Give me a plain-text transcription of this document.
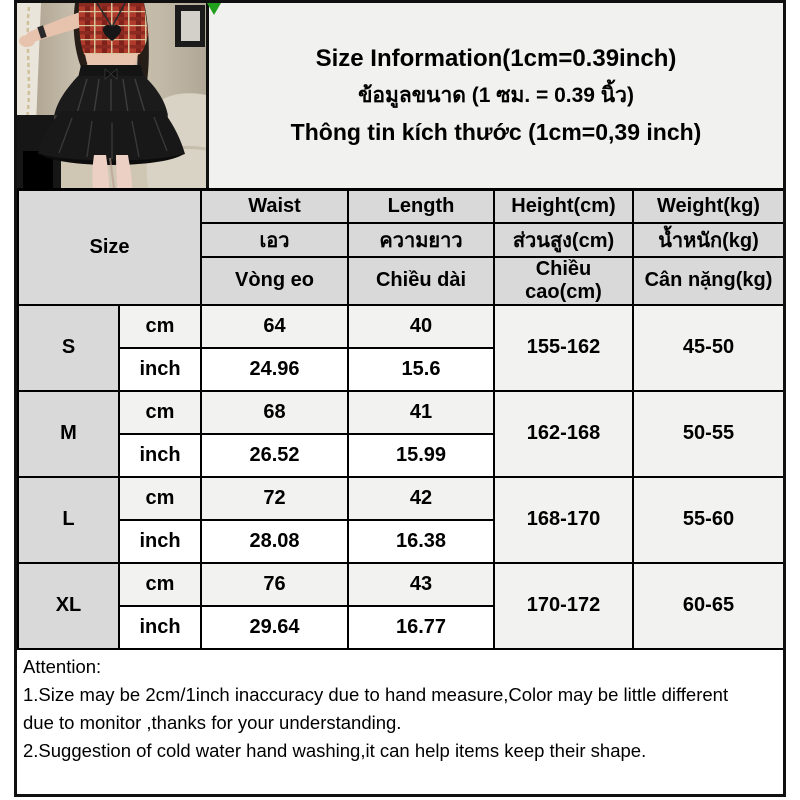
Size Information(1cm=0.39inch)
ข้อมูลขนาด (1 ซม. = 0.39 นิ้ว)
Thông tin kích thước (1cm=0,39 inch)
Size		Waist	Length	Height(cm)	Weight(kg)
		เอว	ความยาว	ส่วนสูง(cm)	น้ำหนัก(kg)
		Vòng eo	Chiều dài	Chiều cao(cm)	Cân nặng(kg)
S	cm	64	40	155-162	45-50
	inch	24.96	15.6		
M	cm	68	41	162-168	50-55
	inch	26.52	15.99		
L	cm	72	42	168-170	55-60
	inch	28.08	16.38		
XL	cm	76	43	170-172	60-65
	inch	29.64	16.77		
Attention:
1.Size may be 2cm/1inch inaccuracy due to hand measure,Color may be little different
due to monitor ,thanks for your understanding.
2.Suggestion of cold water hand washing,it can help items keep their shape.
